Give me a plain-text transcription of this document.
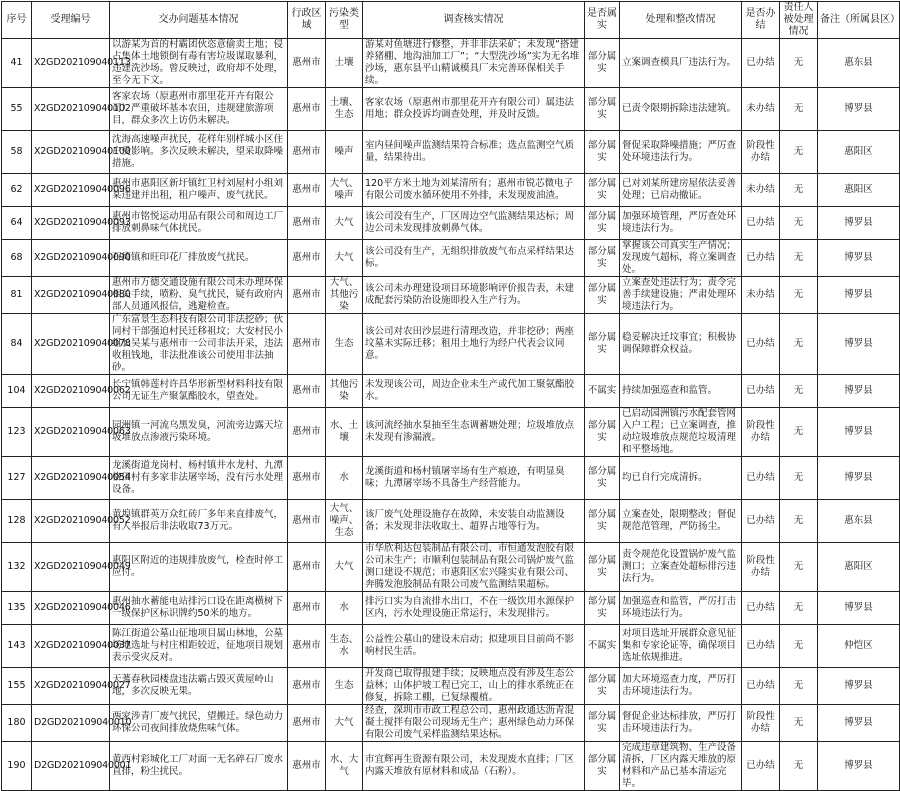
序号	受理编号	交办问题基本情况	行政区域	污染类型	调查核实情况	是否属实	处理和整改情况	是否办结	责任人被处理情况	备注（所属县区）
41	X2GD202109040113	以游某为首的村霸团伙恣意偷卖土地；侵占集体土地锁倒有毒有害垃圾谋取暴利，违建洗沙场。曾反映过，政府却不处理，至今无下文。	惠州市	土壤	游某对鱼塘进行修整，并非非法采矿；未发现“搭建养猪棚、地沟油加工厂”；“大型洗沙场”实为无名堆沙场，惠东县平山精诚模具厂未完善环保相关手续。	部分属实	立案调查模具厂违法行为。	已办结	无	惠东县
55	X2GD202109040102	客家农场（原惠州市那里花开卉有限公司）严重破坏基本农田，违规建旅游项目，群众多次上访仍未解决。	惠州市	土壤、生态	客家农场（原惠州市那里花开卉有限公司）属违法用地；群众投诉均调查处理，并及时反馈。	部分属实	已责令限期拆除违法建筑。	未办结	无	博罗县
58	X2GD202109040100	沈海高速噪声扰民，花样年别样城小区住户受影响。多次反映未解决，望采取降噪措施。	惠州市	噪声	室内昼间噪声监测结果符合标准；选点监测空气质量，结果待出。	部分属实	督促采取降噪措施；严厉查处环境违法行为。	阶段性办结	无	惠阳区
62	X2GD202109040096	惠州市惠阳区新圩镇红卫村刘屋村小组刘某违建并出租，租户噪声、废气扰民。	惠州市	大气、噪声	120平方米土地为刘某清所有；惠州市锐芯微电子有限公司废水循环使用不外排，未发现废油渣。	部分属实	已对刘某所建房屋依法妥善处理；已启动撤证。	未办结	无	惠阳区
64	X2GD202109040093	惠州市铭悦运动用品有限公司和周边工厂排放刺鼻味气体扰民。	惠州市	大气	该公司没有生产，厂区周边空气监测结果达标；周边公司未发现排放刺鼻气体。	部分属实	加强环境管理，严厉查处环境违法行为。	已办结	无	博罗县
68	X2GD202109040090	石湾镇和旺印花厂排放废气扰民。	惠州市	大气	该公司没有生产，无组织排放废气布点采样结果达标。	部分属实	掌握该公司真实生产情况；发现废气超标，将立案调查处。	已办结	无	博罗县
81	X2GD202109040080	惠州市万德交通设施有限公司未办理环保相关手续，喷粉、臭气扰民，疑有政府内部人员通风报信，逃避检查。	惠州市	大气、其他污染	该公司未办理建设项目环境影响评价报告表，未建成配套污染防治设施即投入生产行为。	部分属实	立案查处违法行为；责令完善手续建设施；严肃处理环境违法行为。	未办结	无	博罗县
84	X2GD202109040078	广东富景生态科技有限公司非法挖砂；伙同村干部强迫村民迁移祖坟；大安村民小组长吴某与惠州市一公司非法开采，违法收租钱地，非法批准该公司使用非法抽砂。	惠州市	生态	该公司对农田沙层进行清理改造，并非挖砂；两座坟墓未实际迁移；租用土地行为经户代表会议同意。	部分属实	稳妥解决迁坟事宜；积极协调保障群众权益。	已办结	无	博罗县
104	X2GD202109040062	长宁镇韩莲村许昌华形新型材料科技有限公司无证生产聚氯酯胶水，望查处。	惠州市	其他污染	未发现该公司，周边企业未生产或代加工聚氨酯胶水。	不属实	持续加强巡查和监管。	已办结	无	博罗县
123	X2GD202109040063	园洲镇一河流乌黑发臭，河流旁边露天垃圾堆放点渗液污染环境。	惠州市	水、土壤	该河流经抽水泵抽至生态调蓄塘处理；垃圾堆放点未发现有渗漏液。	部分属实	已启动园洲镇污水配套管网入户工程；已立案调查，推动垃圾堆放点规范垃圾清理和平整场地。	阶段性办结	无	博罗县
127	X2GD202109040054	龙溪街道龙岗村、杨村镇井水龙村、九潭格田村有多家非法屠宰场，没有污水处理设备。	惠州市	水	龙溪街道和杨村镇屠宰场有生产痕迹，有明显臭味；九潭屠宰场不具备生产经营能力。	部分属实	均已自行完成清拆。	已办结	无	博罗县
128	X2GD202109040052	黄埠镇群英万众红砖厂多年来直排废气，有人举报后非法收取73万元。	惠州市	大气、噪声、生态	该厂废气处理设施存在故障，未安装自动监测设备；未发现非法收取土、超界占地等行为。	部分属实	立案查处，限期整改；督促规范范管理，严防扬尘。	已办结	无	惠东县
132	X2GD202109040049	惠阳区附近的违规排放废气，检查时停工应付。	惠州市	大气	市华欣利达包装制品有限公司、市恒通发泡胶有限公司未生产；市顺利包装制品有限公司锅炉废气监测口建设不规范；市惠阳区宏兴隆实业有限公司、奔腾发泡胶制品有限公司废气监测结果超标。	部分属实	责令规范化设置锅炉废气监测口；立案查处超标排污违法行为。	阶段性办结	无	惠阳区
135	X2GD202109040046	惠州抽水蓄能电站排污口设在距离横树下一级保护区标识牌约50米的地方。	惠州市	水	排污口实为自流排水出口，不在一级饮用水源保护区内，污水处理设施正常运行，未发现排污。	部分属实	加强巡查和监管，严厉打击环境违法行为。	已办结	无	博罗县
143	X2GD202109040037	陈江街道公墓山征地项目属山林地，公墓场地选址与村庄相距较近，征地项目规划表示受灾反对。	惠州市	生态、水	公益性公墓山的建设未启动；拟建项目目前尚不影响村民生活。	不属实	对项目选址开展群众意见征集和专家论证等，确保项目选址依规推进。	已办结	无	仲恺区
155	X2GD202109040027	天蓍春秋园楼盘违法霸占毁灭黄屋岭山地，多次反映无果。	惠州市	生态	开发商已取得报建手续；反映地点没有涉及生态公益林；山体护坡工程已完工，山上的排水系统正在修复，拆除工棚，已复绿覆植。	部分属实	加大环境巡查力度，严厉打击环境违法行为。	已办结	无	博罗县
180	D2GD202109040010	两家涉青厂废气扰民，望搬迁。绿色动力环保公司夜间排放烧焦味气体。	惠州市	大气	经查，深圳市市政工程总公司、惠州政通达沥青混凝土搅拌有限公司现场无生产；惠州绿色动力环保有限公司废气采样监测结果达标。	部分属实	督促企业达标排放，严厉打击环境违法行为。	阶段性办结	无	博罗县
190	D2GD202109040001	黄西村彩城化工厂对面一无名碎石厂废水直排，粉尘扰民。	惠州市	水、大气	市宜辉再生资源有限公司，未发现废水直排；厂区内露天堆放有原材料和成品（石粉）。	部分属实	完成违章建筑物、生产设备清拆，厂区内露天堆放的原材料和产品已基本清运完毕。	已办结	无	博罗县
